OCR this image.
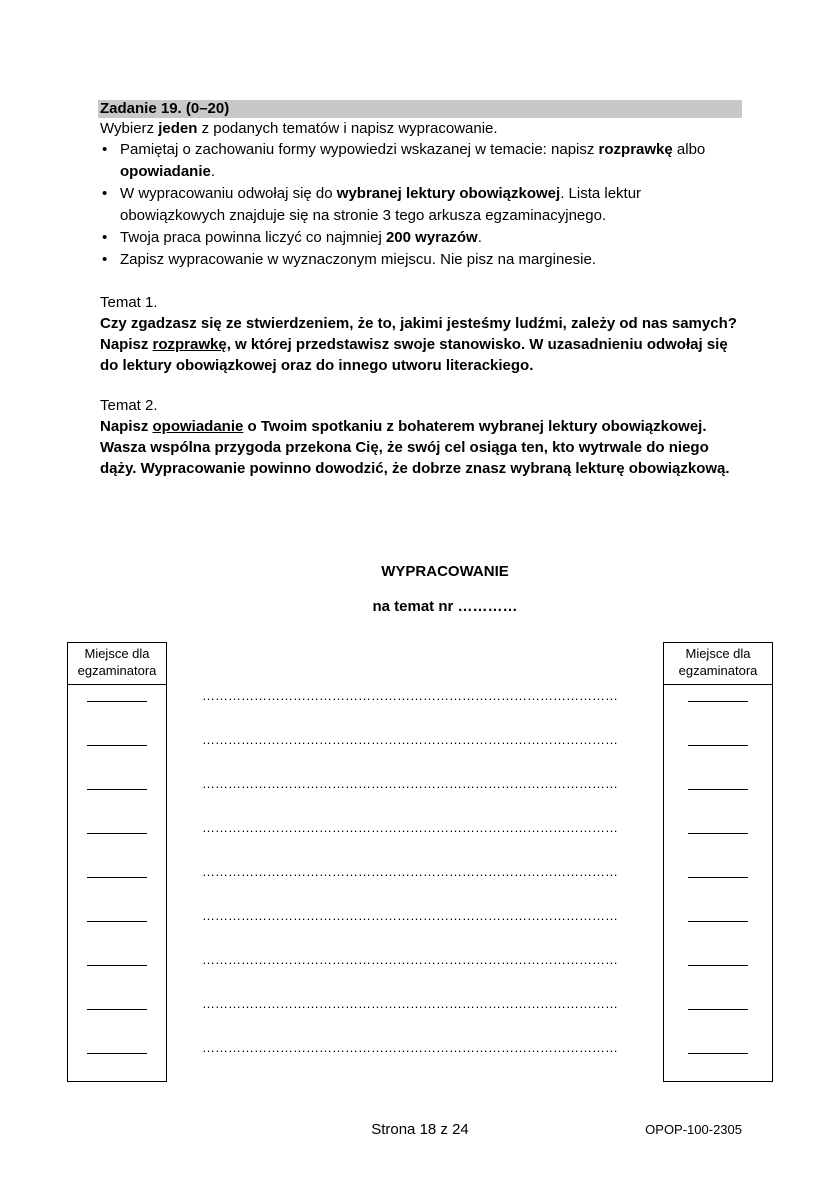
Zadanie 19. (0–20)
Wybierz jeden z podanych tematów i napisz wypracowanie.
• Pamiętaj o zachowaniu formy wypowiedzi wskazanej w temacie: napisz rozprawkę albo opowiadanie.
• W wypracowaniu odwołaj się do wybranej lektury obowiązkowej. Lista lektur obowiązkowych znajduje się na stronie 3 tego arkusza egzaminacyjnego.
• Twoja praca powinna liczyć co najmniej 200 wyrazów.
• Zapisz wypracowanie w wyznaczonym miejscu. Nie pisz na marginesie.
Temat 1.
Czy zgadzasz się ze stwierdzeniem, że to, jakimi jesteśmy ludźmi, zależy od nas samych? Napisz rozprawkę, w której przedstawisz swoje stanowisko. W uzasadnieniu odwołaj się do lektury obowiązkowej oraz do innego utworu literackiego.
Temat 2.
Napisz opowiadanie o Twoim spotkaniu z bohaterem wybranej lektury obowiązkowej. Wasza wspólna przygoda przekona Cię, że swój cel osiąga ten, kto wytrwale do niego dąży. Wypracowanie powinno dowodzić, że dobrze znasz wybraną lekturę obowiązkową.
WYPRACOWANIE
na temat nr …………
Miejsce dla egzaminatora
Miejsce dla egzaminatora
……………………………………………………………………………………
……………………………………………………………………………………
……………………………………………………………………………………
……………………………………………………………………………………
……………………………………………………………………………………
……………………………………………………………………………………
……………………………………………………………………………………
……………………………………………………………………………………
……………………………………………………………………………………
Strona 18 z 24	OPOP-100-2305
